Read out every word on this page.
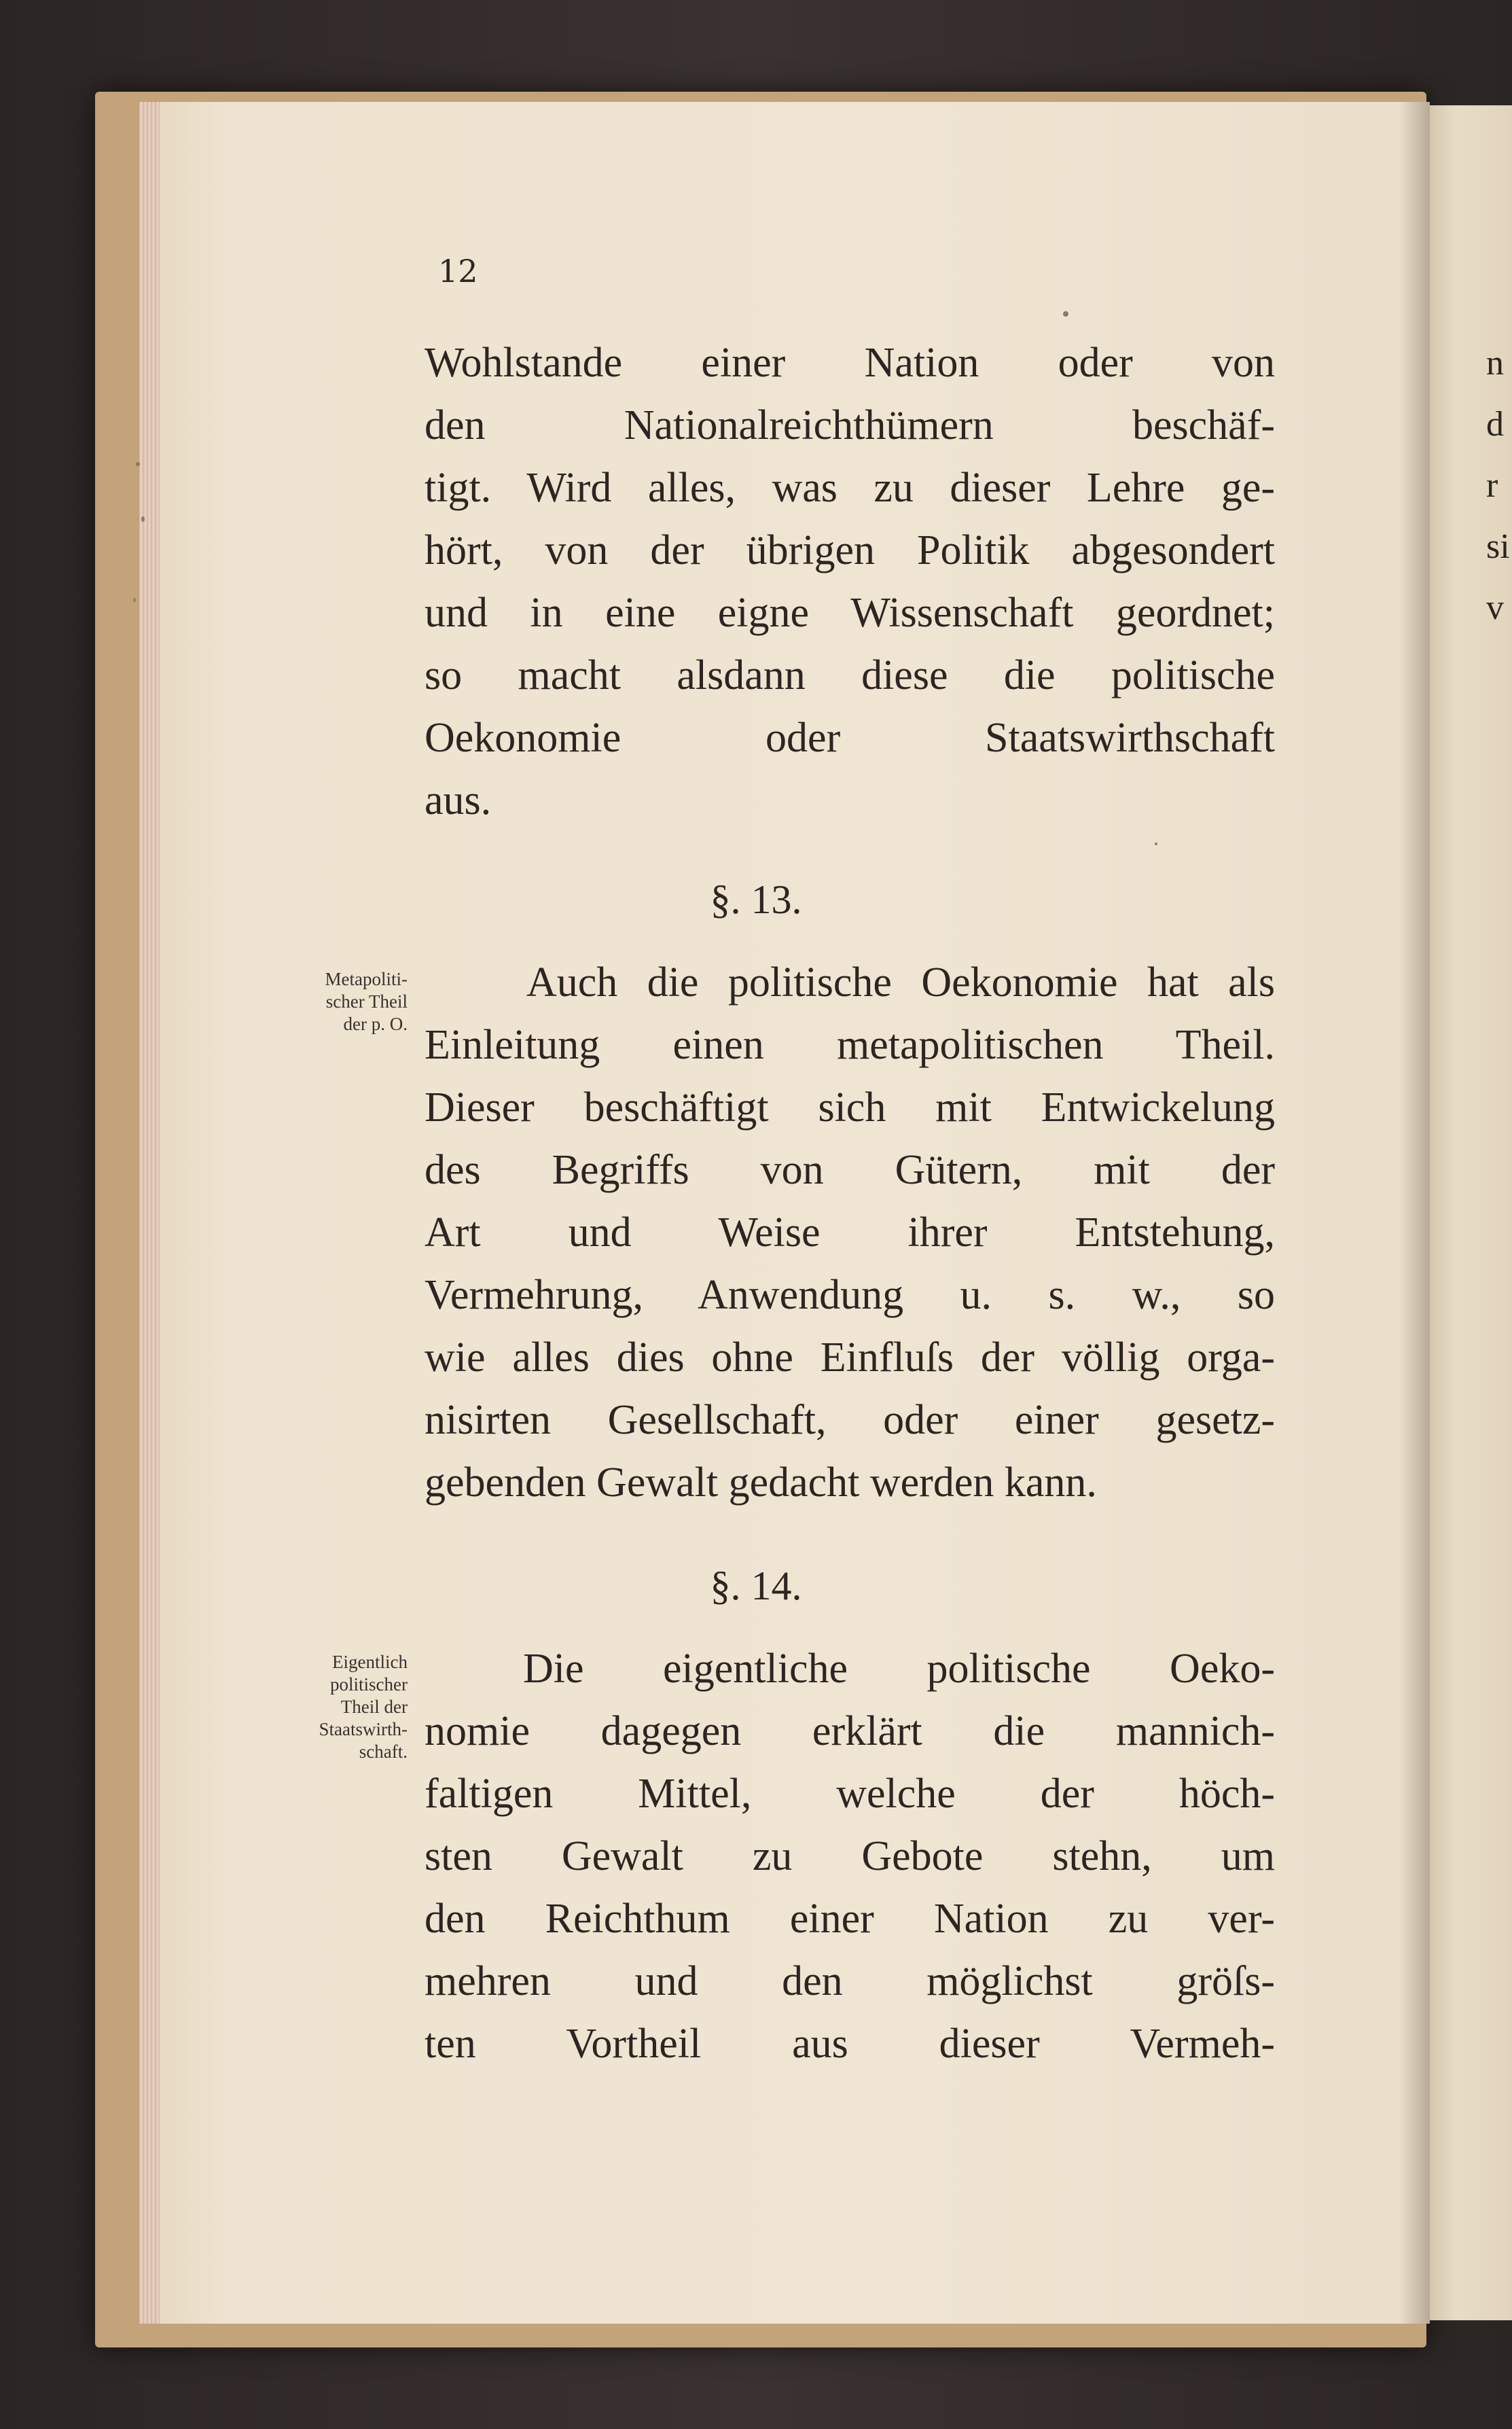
n
d
r
si
v
12
Wohlstande einer Nation oder von
den Nationalreichthümern beschäf-
tigt. Wird alles, was zu dieser Lehre ge-
hört, von der übrigen Politik abgesondert
und in eine eigne Wissenschaft geordnet;
so macht alsdann diese die politische
Oekonomie oder Staatswirthschaft
aus.
§. 13.
Metapoliti-
scher Theil
der p. O.
Auch die politische Oekonomie hat als
Einleitung einen metapolitischen Theil.
Dieser beschäftigt sich mit Entwickelung
des Begriffs von Gütern, mit der
Art und Weise ihrer Entstehung,
Vermehrung, Anwendung u. s. w., so
wie alles dies ohne Einfluſs der völlig orga-
nisirten Gesellschaft, oder einer gesetz-
gebenden Gewalt gedacht werden kann.
§. 14.
Eigentlich
politischer
Theil der
Staatswirth-
schaft.
Die eigentliche politische Oeko-
nomie dagegen erklärt die mannich-
faltigen Mittel, welche der höch-
sten Gewalt zu Gebote stehn, um
den Reichthum einer Nation zu ver-
mehren und den möglichst gröſs-
ten Vortheil aus dieser Vermeh-
